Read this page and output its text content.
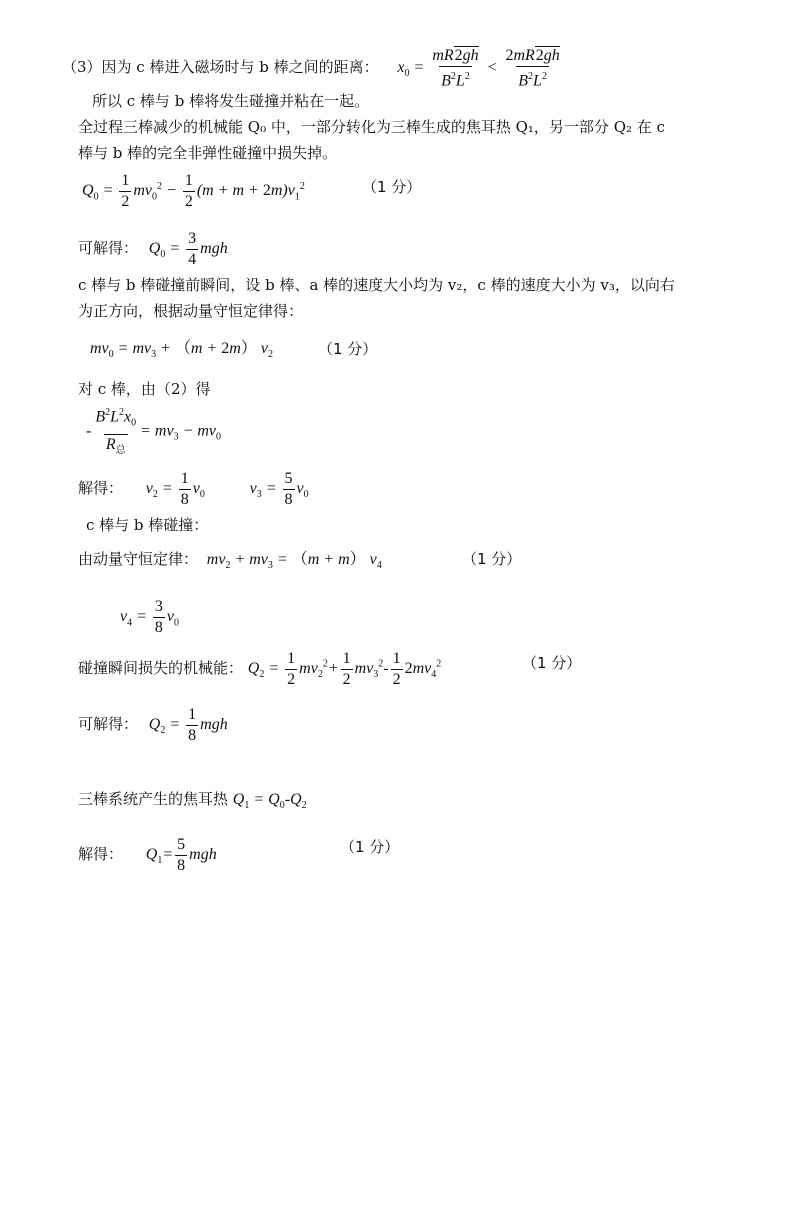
（3）因为 c 棒进入磁场时与 b 棒之间的距离： $x_0 = \frac{mR2gh}{B^2L^2} < \frac{2mR2gh}{B^2L^2}$
所以 c 棒与 b 棒将发生碰撞并粘在一起。
全过程三棒减少的机械能 Q₀ 中，一部分转化为三棒生成的焦耳热 Q₁，另一部分 Q₂ 在 c
棒与 b 棒的完全非弹性碰撞中损失掉。
$Q_0 = \frac{1}{2} mv_0^2 - \frac{1}{2} (m + m + 2m)v_1^2$	（1 分）
可解得： $Q_0 = \frac{3}{4}$ mgh
c 棒与 b 棒碰撞前瞬间，设 b 棒、a 棒的速度大小均为 v₂，c 棒的速度大小为 v₃，以向右
为正方向，根据动量守恒定律得：
$mv_0 = mv_3 + (m + 2m)$ $v_2$	（1 分）
对 c 棒，由（2）得
- $\frac{B^2L^2x_0}{R_总} = mv_3 - mv_0$
解得： $v_2 = \frac{1}{8} v_0$	$v_3 = \frac{5}{8} v_0$
c 棒与 b 棒碰撞：
由动量守恒定律： $mv_2 + mv_3 = (m + m)$ $v_4$	（1 分）
$v_4 = \frac{3}{8} v_0$
碰撞瞬间损失的机械能： $Q_2 = \frac{1}{2} mv_2^2+ \frac{1}{2} mv_3^2- \frac{1}{2} 2mv_4^2$	（1 分）
可解得： $Q_2 = \frac{1}{8}$ mgh
三棒系统产生的焦耳热 $Q_1 = Q_0-Q_2$
解得： $Q_1= \frac{5}{8}$ mgh	（1 分）
